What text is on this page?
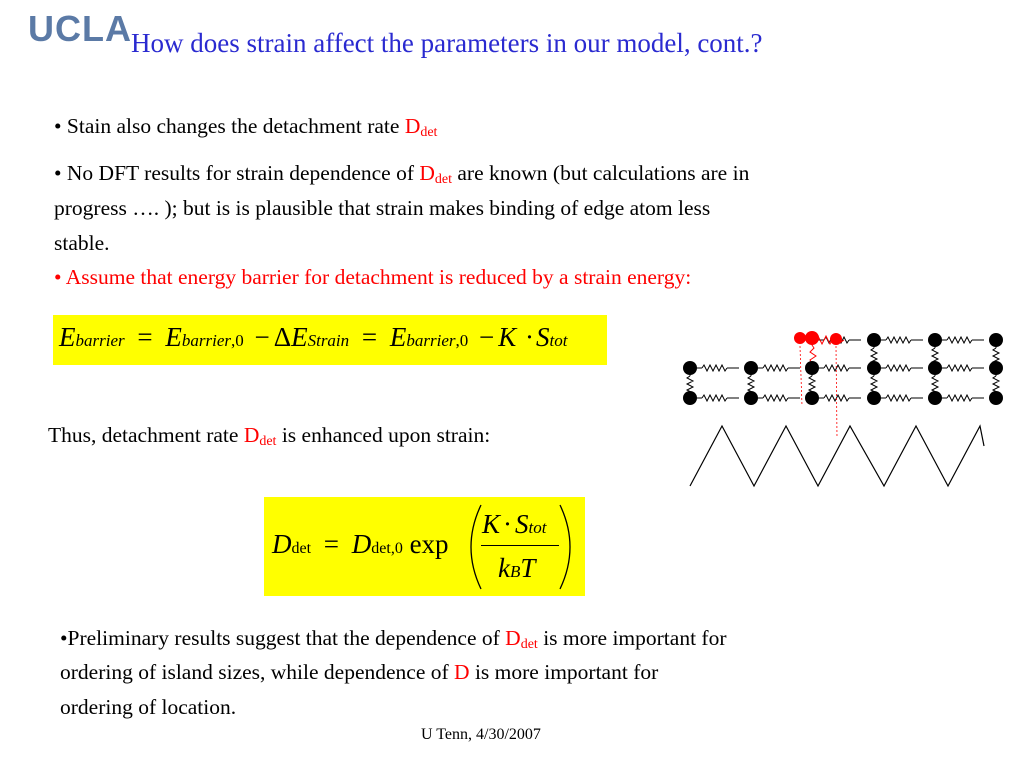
UCLA How does strain affect the parameters in our model, cont.?
• Stain also changes the detachment rate $D_{det}$
• No DFT results for strain dependence of $D_{det}$ are known (but calculations are in
progress …. ); but is is plausible that strain makes binding of edge atom less
stable.
• Assume that energy barrier for detachment is reduced by a strain energy:
Ebarrier = Ebarrier,0 − ΔEStrain = Ebarrier,0 − K ·Stot
Thus, detachment rate $D_{det}$ is enhanced upon strain:
Ddet = Ddet,0 exp
K · Stot
kBT
•Preliminary results suggest that the dependence of $D_{det}$ is more important for
ordering of island sizes, while dependence of D is more important for
ordering of location.
U Tenn, 4/30/2007
